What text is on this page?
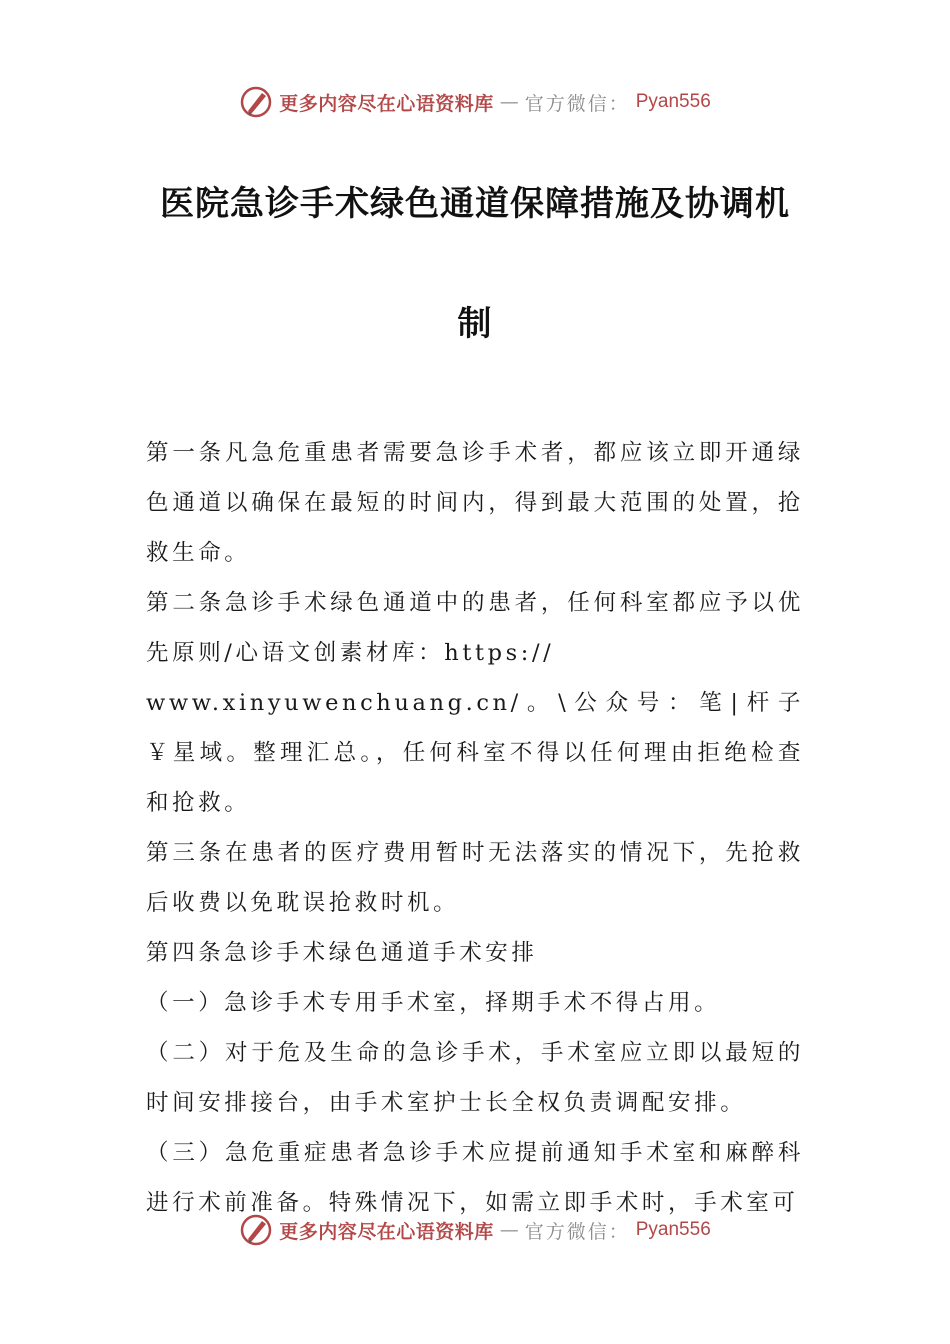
更多内容尽在心语资料库 — 官方微信： Pyan556
医院急诊手术绿色通道保障措施及协调机
制

第一条凡急危重患者需要急诊手术者，都应该立即开通绿色通道以确保在最短的时间内，得到最大范围的处置，抢救生命。

第二条急诊手术绿色通道中的患者，任何科室都应予以优先原则/心语文创素材库：https://

www.xinyuwenchuang.cn/。\公众号：笔|杆子￥星域。整理汇总。，任何科室不得以任何理由拒绝检查和抢救。

第三条在患者的医疗费用暂时无法落实的情况下，先抢救后收费以免耽误抢救时机。

第四条急诊手术绿色通道手术安排

（一）急诊手术专用手术室，择期手术不得占用。

（二）对于危及生命的急诊手术，手术室应立即以最短的时间安排接台，由手术室护士长全权负责调配安排。

（三）急危重症患者急诊手术应提前通知手术室和麻醉科进行术前准备。特殊情况下，如需立即手术时，手术室可

更多内容尽在心语资料库 — 官方微信： Pyan556
